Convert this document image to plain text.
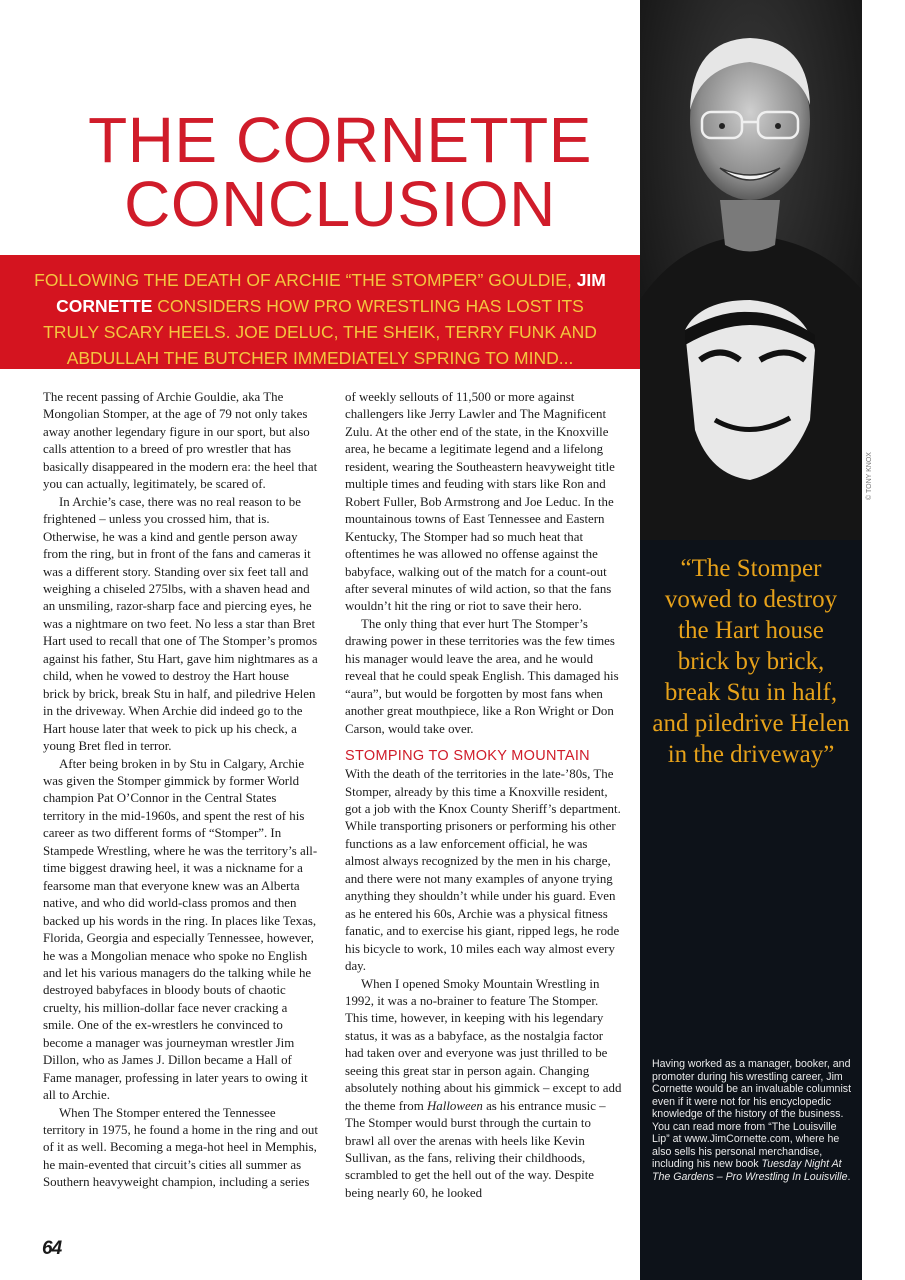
THE CORNETTE
CONCLUSION

FOLLOWING THE DEATH OF ARCHIE “THE STOMPER” GOULDIE, JIM CORNETTE CONSIDERS HOW PRO WRESTLING HAS LOST ITS TRULY SCARY HEELS. JOE DELUC, THE SHEIK, TERRY FUNK AND ABDULLAH THE BUTCHER IMMEDIATELY SPRING TO MIND...

© TONY KNOX
“The Stomper vowed to destroy the Hart house brick by brick, break Stu in half, and piledrive Helen in the driveway”
Having worked as a manager, booker, and promoter during his wrestling career, Jim Cornette would be an invaluable columnist even if it were not for his encyclopedic knowledge of the history of the business. You can read more from “The Louisville Lip” at www.JimCornette.com, where he also sells his personal merchandise, including his new book Tuesday Night At The Gardens – Pro Wrestling In Louisville.

The recent passing of Archie Gouldie, aka The Mongolian Stomper, at the age of 79 not only takes away another legendary figure in our sport, but also calls attention to a breed of pro wrestler that has basically disappeared in the modern era: the heel that you can actually, legitimately, be scared of.

In Archie’s case, there was no real reason to be frightened – unless you crossed him, that is. Otherwise, he was a kind and gentle person away from the ring, but in front of the fans and cameras it was a different story. Standing over six feet tall and weighing a chiseled 275lbs, with a shaven head and an unsmiling, razor-sharp face and piercing eyes, he was a nightmare on two feet. No less a star than Bret Hart used to recall that one of The Stomper’s promos against his father, Stu Hart, gave him nightmares as a child, when he vowed to destroy the Hart house brick by brick, break Stu in half, and piledrive Helen in the driveway. When Archie did indeed go to the Hart house later that week to pick up his check, a young Bret fled in terror.

After being broken in by Stu in Calgary, Archie was given the Stomper gimmick by former World champion Pat O’Connor in the Central States territory in the mid-1960s, and spent the rest of his career as two different forms of “Stomper”. In Stampede Wrestling, where he was the territory’s all-time biggest drawing heel, it was a nickname for a fearsome man that everyone knew was an Alberta native, and who did world-class promos and then backed up his words in the ring. In places like Texas, Florida, Georgia and especially Tennessee, however, he was a Mongolian menace who spoke no English and let his various managers do the talking while he destroyed babyfaces in bloody bouts of chaotic cruelty, his million-dollar face never cracking a smile. One of the ex-wrestlers he convinced to become a manager was journeyman wrestler Jim Dillon, who as James J. Dillon became a Hall of Fame manager, professing in later years to owing it all to Archie.

When The Stomper entered the Tennessee territory in 1975, he found a home in the ring and out of it as well. Becoming a mega-hot heel in Memphis, he main-evented that circuit’s cities all summer as Southern heavyweight champion, including a series

of weekly sellouts of 11,500 or more against challengers like Jerry Lawler and The Magnificent Zulu. At the other end of the state, in the Knoxville area, he became a legitimate legend and a lifelong resident, wearing the Southeastern heavyweight title multiple times and feuding with stars like Ron and Robert Fuller, Bob Armstrong and Joe Leduc. In the mountainous towns of East Tennessee and Eastern Kentucky, The Stomper had so much heat that oftentimes he was allowed no offense against the babyface, walking out of the match for a count-out after several minutes of wild action, so that the fans wouldn’t hit the ring or riot to save their hero.

The only thing that ever hurt The Stomper’s drawing power in these territories was the few times his manager would leave the area, and he would reveal that he could speak English. This damaged his “aura”, but would be forgotten by most fans when another great mouthpiece, like a Ron Wright or Don Carson, would take over.

STOMPING TO SMOKY MOUNTAIN

With the death of the territories in the late-’80s, The Stomper, already by this time a Knoxville resident, got a job with the Knox County Sheriff’s department. While transporting prisoners or performing his other functions as a law enforcement official, he was almost always recognized by the men in his charge, and there were not many examples of anyone trying anything they shouldn’t while under his guard. Even as he entered his 60s, Archie was a physical fitness fanatic, and to exercise his giant, ripped legs, he rode his bicycle to work, 10 miles each way almost every day.

When I opened Smoky Mountain Wrestling in 1992, it was a no-brainer to feature The Stomper. This time, however, in keeping with his legendary status, it was as a babyface, as the nostalgia factor had taken over and everyone was just thrilled to be seeing this great star in person again. Changing absolutely nothing about his gimmick – except to add the theme from Halloween as his entrance music – The Stomper would burst through the curtain to brawl all over the arenas with heels like Kevin Sullivan, as the fans, reliving their childhoods, scrambled to get the hell out of the way. Despite being nearly 60, he looked

64
